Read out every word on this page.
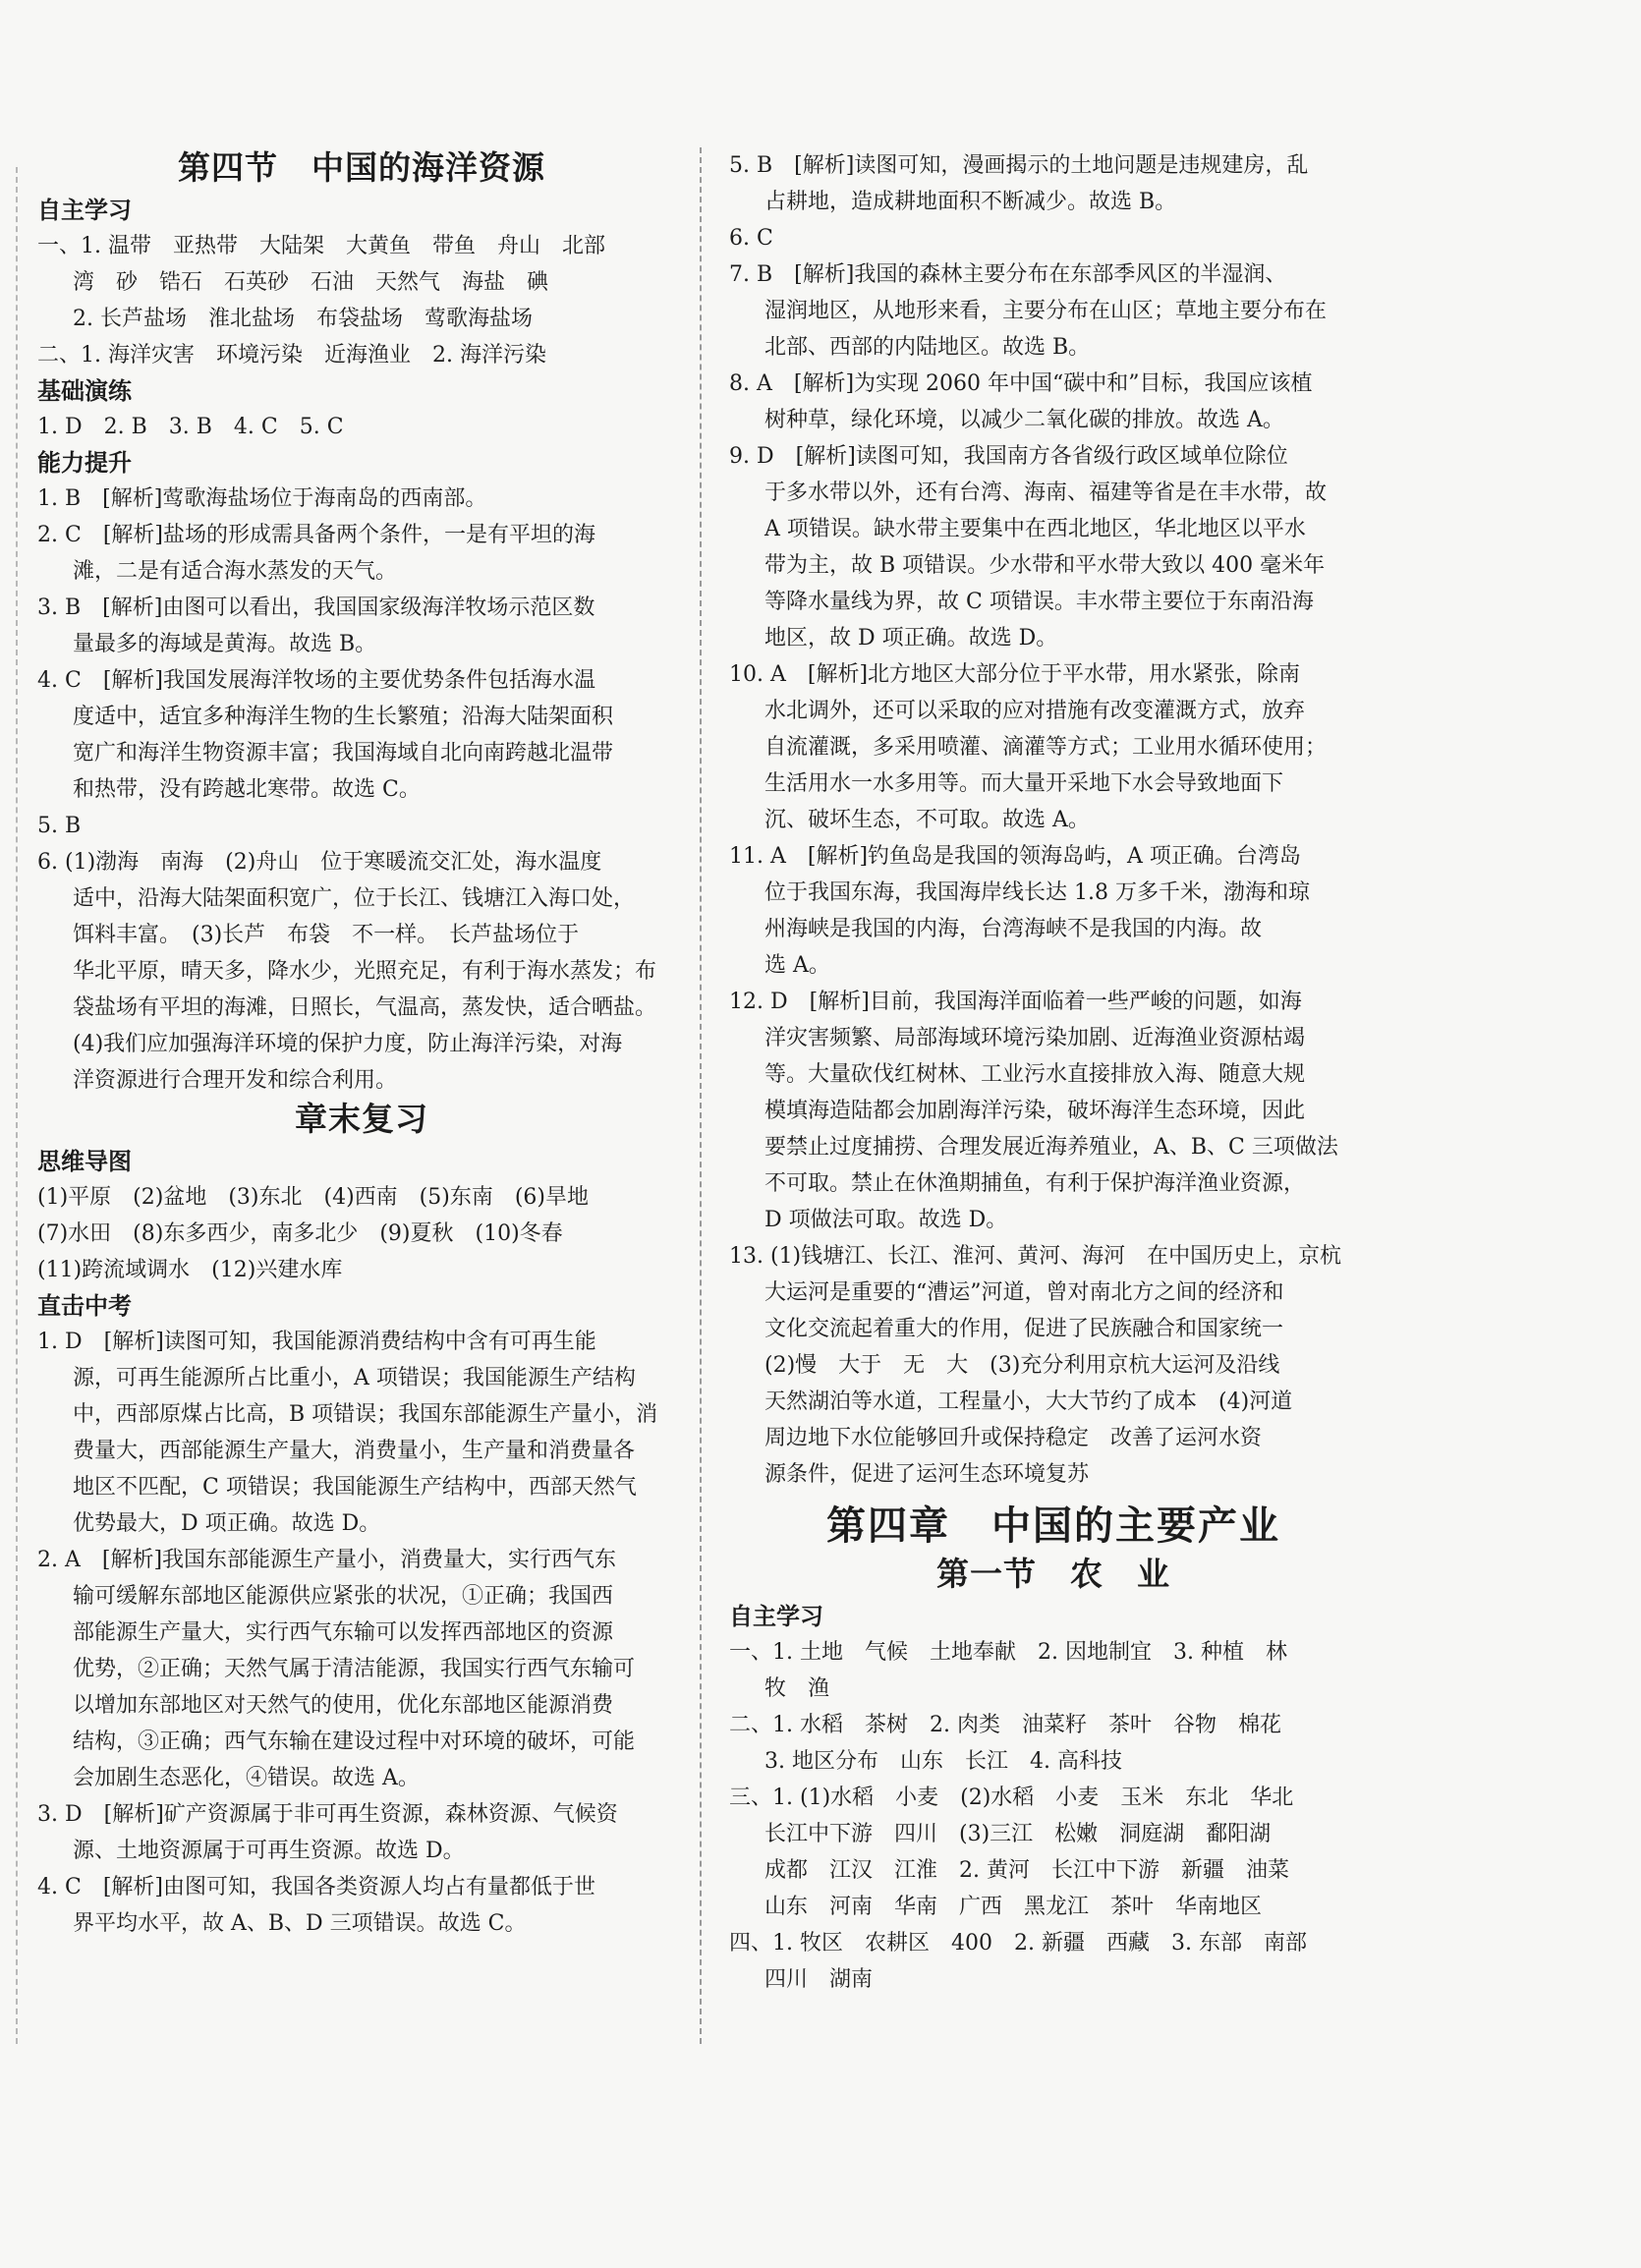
第四节　中国的海洋资源

自主学习

一、1. 温带　亚热带　大陆架　大黄鱼　带鱼　舟山　北部

湾　砂　锆石　石英砂　石油　天然气　海盐　碘

2. 长芦盐场　淮北盐场　布袋盐场　莺歌海盐场

二、1. 海洋灾害　环境污染　近海渔业　2. 海洋污染

基础演练

1. D　2. B　3. B　4. C　5. C

能力提升

1. B　[解析]莺歌海盐场位于海南岛的西南部。

2. C　[解析]盐场的形成需具备两个条件，一是有平坦的海

滩，二是有适合海水蒸发的天气。

3. B　[解析]由图可以看出，我国国家级海洋牧场示范区数

量最多的海域是黄海。故选 B。

4. C　[解析]我国发展海洋牧场的主要优势条件包括海水温

度适中，适宜多种海洋生物的生长繁殖；沿海大陆架面积

宽广和海洋生物资源丰富；我国海域自北向南跨越北温带

和热带，没有跨越北寒带。故选 C。

5. B

6. (1)渤海　南海　(2)舟山　位于寒暖流交汇处，海水温度

适中，沿海大陆架面积宽广，位于长江、钱塘江入海口处，

饵料丰富。　(3)长芦　布袋　不一样。　长芦盐场位于

华北平原，晴天多，降水少，光照充足，有利于海水蒸发；布

袋盐场有平坦的海滩，日照长，气温高，蒸发快，适合晒盐。

(4)我们应加强海洋环境的保护力度，防止海洋污染，对海

洋资源进行合理开发和综合利用。

章末复习

思维导图

(1)平原　(2)盆地　(3)东北　(4)西南　(5)东南　(6)旱地

(7)水田　(8)东多西少，南多北少　(9)夏秋　(10)冬春

(11)跨流域调水　(12)兴建水库

直击中考

1. D　[解析]读图可知，我国能源消费结构中含有可再生能

源，可再生能源所占比重小，A 项错误；我国能源生产结构

中，西部原煤占比高，B 项错误；我国东部能源生产量小，消

费量大，西部能源生产量大，消费量小，生产量和消费量各

地区不匹配，C 项错误；我国能源生产结构中，西部天然气

优势最大，D 项正确。故选 D。

2. A　[解析]我国东部能源生产量小，消费量大，实行西气东

输可缓解东部地区能源供应紧张的状况，①正确；我国西

部能源生产量大，实行西气东输可以发挥西部地区的资源

优势，②正确；天然气属于清洁能源，我国实行西气东输可

以增加东部地区对天然气的使用，优化东部地区能源消费

结构，③正确；西气东输在建设过程中对环境的破坏，可能

会加剧生态恶化，④错误。故选 A。

3. D　[解析]矿产资源属于非可再生资源，森林资源、气候资

源、土地资源属于可再生资源。故选 D。

4. C　[解析]由图可知，我国各类资源人均占有量都低于世

界平均水平，故 A、B、D 三项错误。故选 C。

5. B　[解析]读图可知，漫画揭示的土地问题是违规建房，乱

占耕地，造成耕地面积不断减少。故选 B。

6. C

7. B　[解析]我国的森林主要分布在东部季风区的半湿润、

湿润地区，从地形来看，主要分布在山区；草地主要分布在

北部、西部的内陆地区。故选 B。

8. A　[解析]为实现 2060 年中国“碳中和”目标，我国应该植

树种草，绿化环境，以减少二氧化碳的排放。故选 A。

9. D　[解析]读图可知，我国南方各省级行政区域单位除位

于多水带以外，还有台湾、海南、福建等省是在丰水带，故

A 项错误。缺水带主要集中在西北地区，华北地区以平水

带为主，故 B 项错误。少水带和平水带大致以 400 毫米年

等降水量线为界，故 C 项错误。丰水带主要位于东南沿海

地区，故 D 项正确。故选 D。

10. A　[解析]北方地区大部分位于平水带，用水紧张，除南

水北调外，还可以采取的应对措施有改变灌溉方式，放弃

自流灌溉，多采用喷灌、滴灌等方式；工业用水循环使用；

生活用水一水多用等。而大量开采地下水会导致地面下

沉、破坏生态，不可取。故选 A。

11. A　[解析]钓鱼岛是我国的领海岛屿，A 项正确。台湾岛

位于我国东海，我国海岸线长达 1.8 万多千米，渤海和琼

州海峡是我国的内海，台湾海峡不是我国的内海。故

选 A。

12. D　[解析]目前，我国海洋面临着一些严峻的问题，如海

洋灾害频繁、局部海域环境污染加剧、近海渔业资源枯竭

等。大量砍伐红树林、工业污水直接排放入海、随意大规

模填海造陆都会加剧海洋污染，破坏海洋生态环境，因此

要禁止过度捕捞、合理发展近海养殖业，A、B、C 三项做法

不可取。禁止在休渔期捕鱼，有利于保护海洋渔业资源，

D 项做法可取。故选 D。

13. (1)钱塘江、长江、淮河、黄河、海河　在中国历史上，京杭

大运河是重要的“漕运”河道，曾对南北方之间的经济和

文化交流起着重大的作用，促进了民族融合和国家统一

(2)慢　大于　无　大　(3)充分利用京杭大运河及沿线

天然湖泊等水道，工程量小，大大节约了成本　(4)河道

周边地下水位能够回升或保持稳定　改善了运河水资

源条件，促进了运河生态环境复苏

第四章　中国的主要产业

第一节　农　业

自主学习

一、1. 土地　气候　土地奉献　2. 因地制宜　3. 种植　林

牧　渔

二、1. 水稻　茶树　2. 肉类　油菜籽　茶叶　谷物　棉花

3. 地区分布　山东　长江　4. 高科技

三、1. (1)水稻　小麦　(2)水稻　小麦　玉米　东北　华北

长江中下游　四川　(3)三江　松嫩　洞庭湖　鄱阳湖

成都　江汉　江淮　2. 黄河　长江中下游　新疆　油菜

山东　河南　华南　广西　黑龙江　茶叶　华南地区

四、1. 牧区　农耕区　400　2. 新疆　西藏　3. 东部　南部

四川　湖南
